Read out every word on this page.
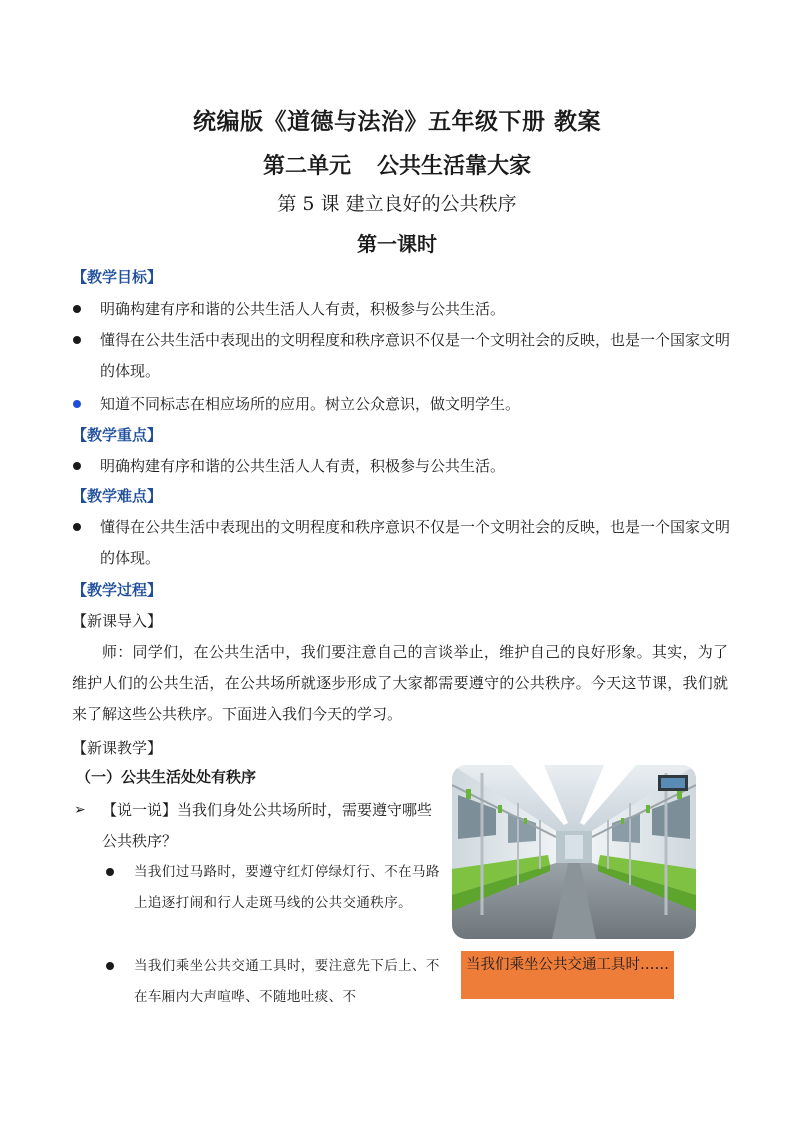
统编版《道德与法治》五年级下册 教案
第二单元 公共生活靠大家
第 5 课 建立良好的公共秩序
第一课时
【教学目标】
明确构建有序和谐的公共生活人人有责，积极参与公共生活。
懂得在公共生活中表现出的文明程度和秩序意识不仅是一个文明社会的反映，也是一个国家文明的体现。
知道不同标志在相应场所的应用。树立公众意识，做文明学生。
【教学重点】
明确构建有序和谐的公共生活人人有责，积极参与公共生活。
【教学难点】
懂得在公共生活中表现出的文明程度和秩序意识不仅是一个文明社会的反映，也是一个国家文明的体现。
【教学过程】
【新课导入】
师：同学们，在公共生活中，我们要注意自己的言谈举止，维护自己的良好形象。其实，为了维护人们的公共生活，在公共场所就逐步形成了大家都需要遵守的公共秩序。今天这节课，我们就来了解这些公共秩序。下面进入我们今天的学习。
【新课教学】
（一）公共生活处处有秩序
➢	【说一说】当我们身处公共场所时，需要遵守哪些公共秩序？
当我们过马路时，要遵守红灯停绿灯行、不在马路上追逐打闹和行人走斑马线的公共交通秩序。
当我们乘坐公共交通工具时，要注意先下后上、不在车厢内大声喧哗、不随地吐痰、不
当我们乘坐公共交通工具时……
